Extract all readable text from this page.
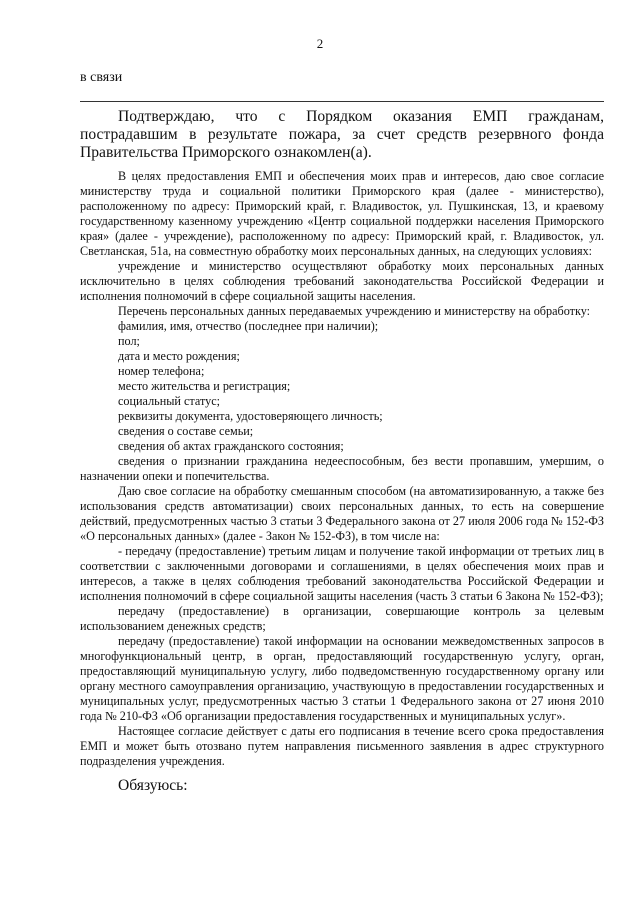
2
в связи

Подтверждаю, что с Порядком оказания ЕМП гражданам, пострадавшим в результате пожара, за счет средств резервного фонда Правительства Приморского ознакомлен(а).

В целях предоставления ЕМП и обеспечения моих прав и интересов, даю свое согласие министерству труда и социальной политики Приморского края (далее - министерство), расположенному по адресу: Приморский край, г. Владивосток, ул. Пушкинская, 13, и краевому государственному казенному учреждению «Центр социальной поддержки населения Приморского края» (далее - учреждение), расположенному по адресу: Приморский край, г. Владивосток, ул. Светланская, 51а, на совместную обработку моих персональных данных, на следующих условиях:

учреждение и министерство осуществляют обработку моих персональных данных исключительно в целях соблюдения требований законодательства Российской Федерации и исполнения полномочий в сфере социальной защиты населения.

Перечень персональных данных передаваемых учреждению и министерству на обработку:

фамилия, имя, отчество (последнее при наличии);

пол;

дата и место рождения;

номер телефона;

место жительства и регистрация;

социальный статус;

реквизиты документа, удостоверяющего личность;

сведения о составе семьи;

сведения об актах гражданского состояния;

сведения о признании гражданина недееспособным, без вести пропавшим, умершим, о назначении опеки и попечительства.

Даю свое согласие на обработку смешанным способом (на автоматизированную, а также без использования средств автоматизации) своих персональных данных, то есть на совершение действий, предусмотренных частью 3 статьи 3 Федерального закона от 27 июля 2006 года № 152-ФЗ «О персональных данных» (далее - Закон № 152-ФЗ), в том числе на:

- передачу (предоставление) третьим лицам и получение такой информации от третьих лиц в соответствии с заключенными договорами и соглашениями, в целях обеспечения моих прав и интересов, а также в целях соблюдения требований законодательства Российской Федерации и исполнения полномочий в сфере социальной защиты населения (часть 3 статьи 6 Закона № 152-ФЗ);

передачу (предоставление) в организации, совершающие контроль за целевым использованием денежных средств;

передачу (предоставление) такой информации на основании межведомственных запросов в многофункциональный центр, в орган, предоставляющий государственную услугу, орган, предоставляющий муниципальную услугу, либо подведомственную государственному органу или органу местного самоуправления организацию, участвующую в предоставлении государственных и муниципальных услуг, предусмотренных частью 3 статьи 1 Федерального закона от 27 июня 2010 года № 210-ФЗ «Об организации предоставления государственных и муниципальных услуг».

Настоящее согласие действует с даты его подписания в течение всего срока предоставления ЕМП и может быть отозвано путем направления письменного заявления в адрес структурного подразделения учреждения.

Обязуюсь:
